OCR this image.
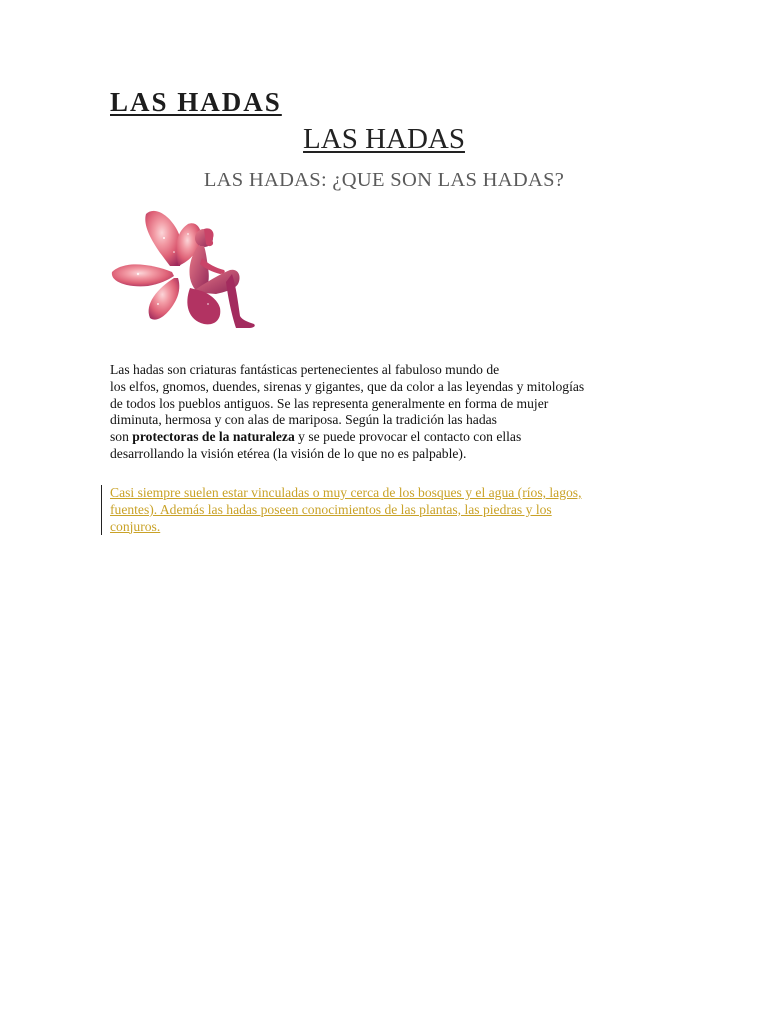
LAS HADAS
LAS HADAS
LAS HADAS: ¿QUE SON LAS HADAS?

Las hadas son criaturas fantásticas pertenecientes al fabuloso mundo de
los elfos, gnomos, duendes, sirenas y gigantes, que da color a las leyendas y mitologías
de todos los pueblos antiguos. Se las representa generalmente en forma de mujer
diminuta, hermosa y con alas de mariposa. Según la tradición las hadas
son protectoras de la naturaleza y se puede provocar el contacto con ellas
desarrollando la visión etérea (la visión de lo que no es palpable).

Casi siempre suelen estar vinculadas o muy cerca de los bosques y el agua (ríos, lagos,
fuentes). Además las hadas poseen conocimientos de las plantas, las piedras y los
conjuros.
